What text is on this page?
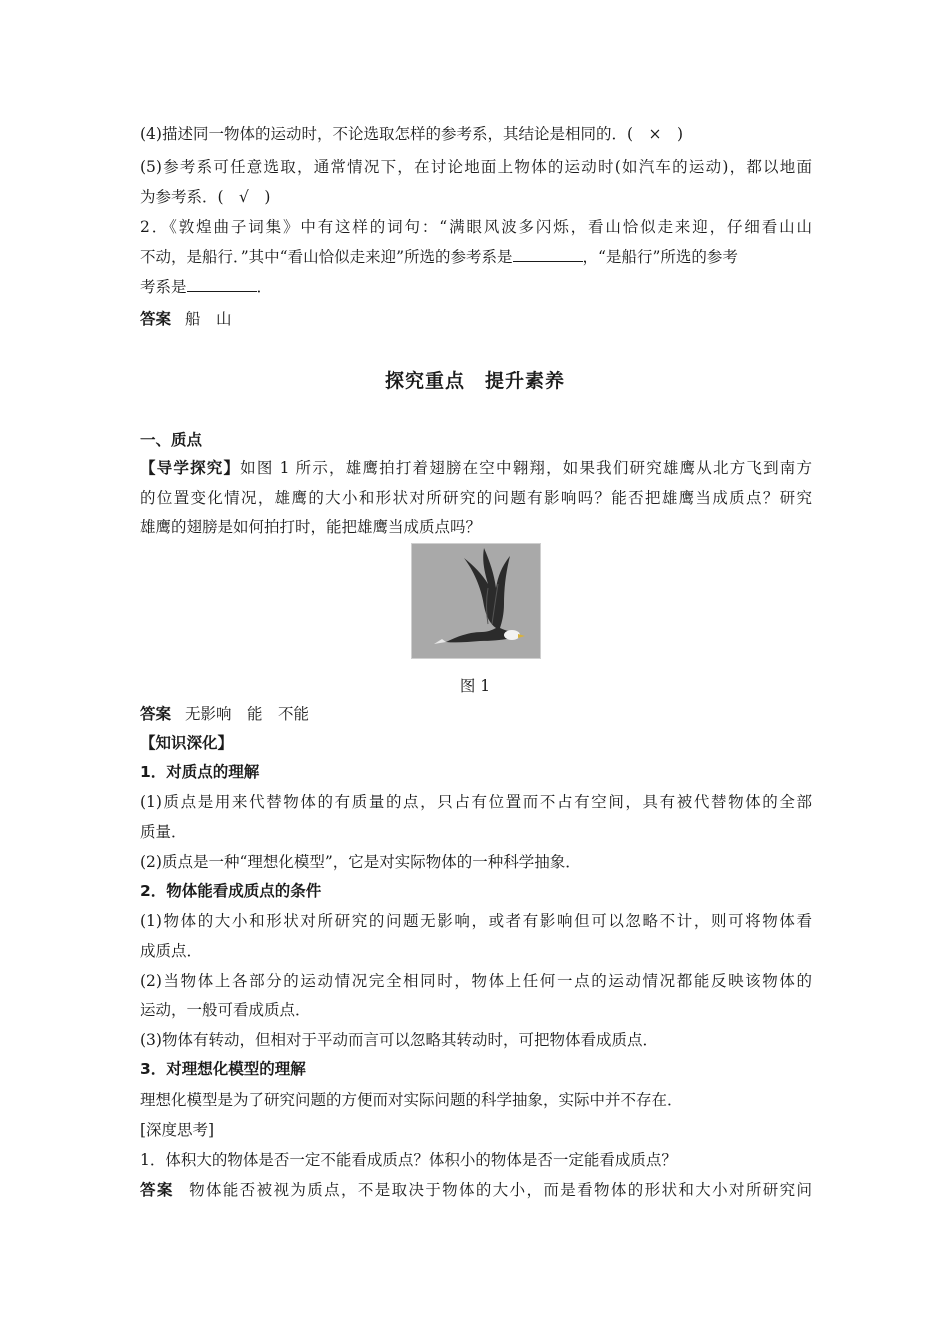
(4)描述同一物体的运动时，不论选取怎样的参考系，其结论是相同的．(　×　)
(5)参考系可任意选取，通常情况下，在讨论地面上物体的运动时(如汽车的运动)，都以地面
为参考系．(　√　)
2．《敦煌曲子词集》中有这样的词句：“满眼风波多闪烁，看山恰似走来迎，仔细看山山
不动，是船行．”其中“看山恰似走来迎”所选的参考系是	，“是船行”所选的参考
考系是	．
答案 船　山
探究重点　提升素养
一、质点
【导学探究】如图 1 所示，雄鹰拍打着翅膀在空中翱翔，如果我们研究雄鹰从北方飞到南方
的位置变化情况，雄鹰的大小和形状对所研究的问题有影响吗？能否把雄鹰当成质点？研究
雄鹰的翅膀是如何拍打时，能把雄鹰当成质点吗？
图 1
答案 无影响　能　不能
【知识深化】
1．对质点的理解
(1)质点是用来代替物体的有质量的点，只占有位置而不占有空间，具有被代替物体的全部
质量．
(2)质点是一种“理想化模型”，它是对实际物体的一种科学抽象．
2．物体能看成质点的条件
(1)物体的大小和形状对所研究的问题无影响，或者有影响但可以忽略不计，则可将物体看
成质点．
(2)当物体上各部分的运动情况完全相同时，物体上任何一点的运动情况都能反映该物体的
运动，一般可看成质点．
(3)物体有转动，但相对于平动而言可以忽略其转动时，可把物体看成质点．
3．对理想化模型的理解
理想化模型是为了研究问题的方便而对实际问题的科学抽象，实际中并不存在．
[深度思考]
1．体积大的物体是否一定不能看成质点？体积小的物体是否一定能看成质点？
答案 物体能否被视为质点，不是取决于物体的大小，而是看物体的形状和大小对所研究问
